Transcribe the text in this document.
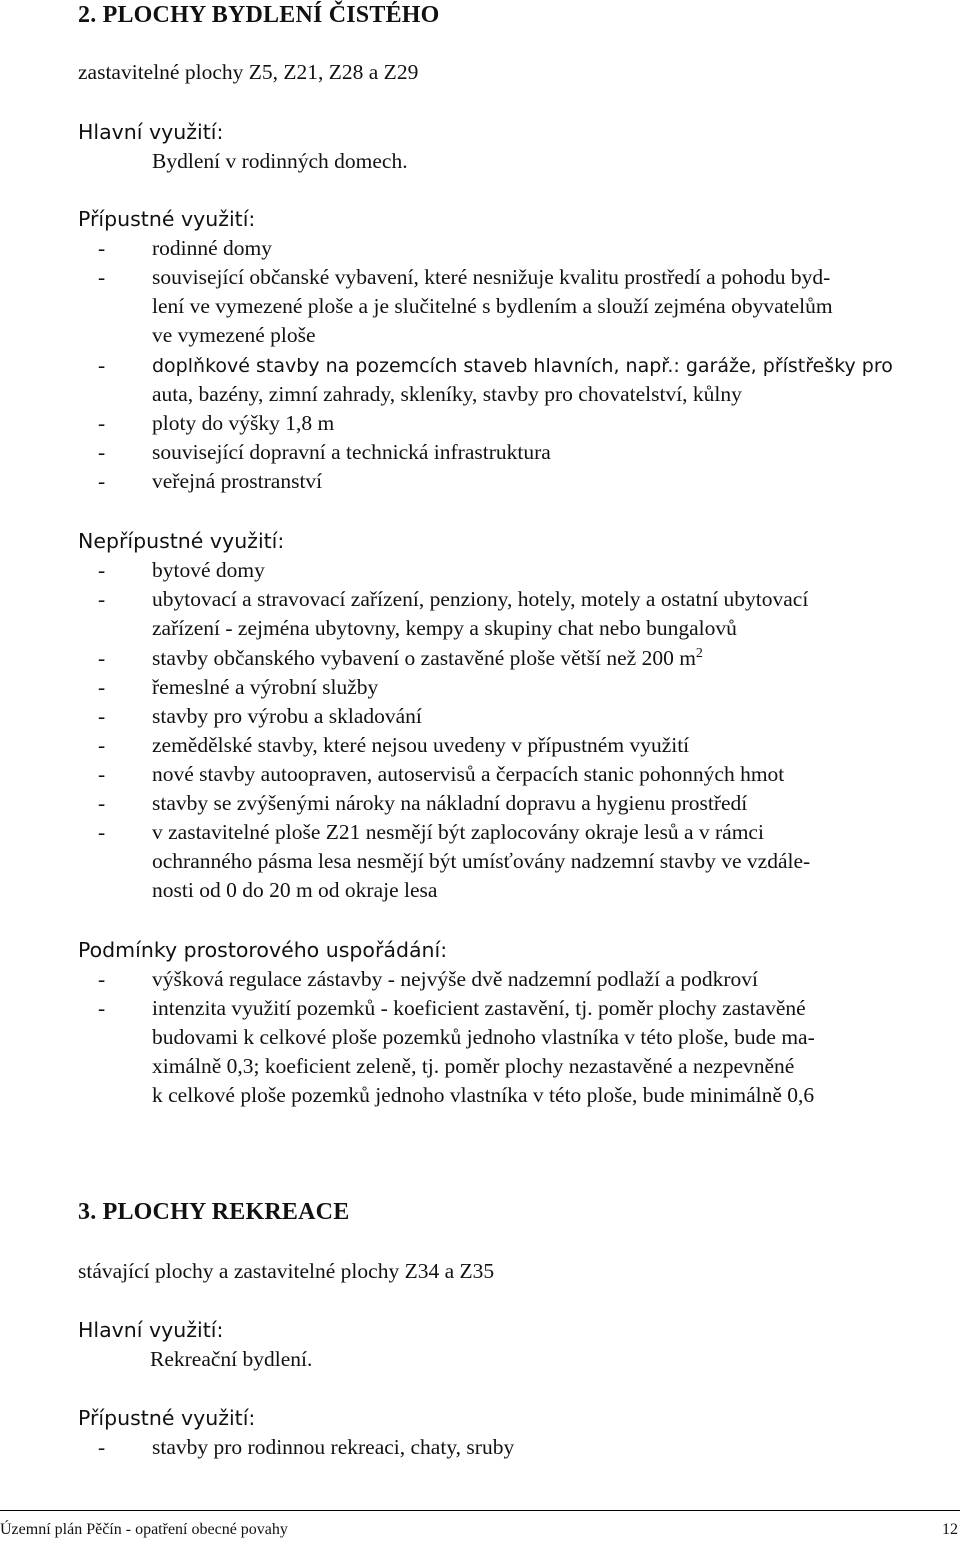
2. PLOCHY BYDLENÍ ČISTÉHO
zastavitelné plochy Z5, Z21, Z28 a Z29
Hlavní využití:
Bydlení v rodinných domech.
Přípustné využití:
- rodinné domy
- související občanské vybavení, které nesnižuje kvalitu prostředí a pohodu byd-
lení ve vymezené ploše a je slučitelné s bydlením a slouží zejména obyvatelům
ve vymezené ploše
- doplňkové stavby na pozemcích staveb hlavních, např.: garáže, přístřešky pro
auta, bazény, zimní zahrady, skleníky, stavby pro chovatelství, kůlny
- ploty do výšky 1,8 m
- související dopravní a technická infrastruktura
- veřejná prostranství
Nepřípustné využití:
- bytové domy
- ubytovací a stravovací zařízení, penziony, hotely, motely a ostatní ubytovací
zařízení - zejména ubytovny, kempy a skupiny chat nebo bungalovů
- stavby občanského vybavení o zastavěné ploše větší než 200 $m^2$
- řemeslné a výrobní služby
- stavby pro výrobu a skladování
- zemědělské stavby, které nejsou uvedeny v přípustném využití
- nové stavby autoopraven, autoservisů a čerpacích stanic pohonných hmot
- stavby se zvýšenými nároky na nákladní dopravu a hygienu prostředí
- v zastavitelné ploše Z21 nesmějí být zaplocovány okraje lesů a v rámci
ochranného pásma lesa nesmějí být umísťovány nadzemní stavby ve vzdále-
nosti od 0 do 20 m od okraje lesa
Podmínky prostorového uspořádání:
- výšková regulace zástavby - nejvýše dvě nadzemní podlaží a podkroví
- intenzita využití pozemků - koeficient zastavění, tj. poměr plochy zastavěné
budovami k celkové ploše pozemků jednoho vlastníka v této ploše, bude ma-
ximálně 0,3; koeficient zeleně, tj. poměr plochy nezastavěné a nezpevněné
k celkové ploše pozemků jednoho vlastníka v této ploše, bude minimálně 0,6
3. PLOCHY REKREACE
stávající plochy a zastavitelné plochy Z34 a Z35
Hlavní využití:
Rekreační bydlení.
Přípustné využití:
- stavby pro rodinnou rekreaci, chaty, sruby
Územní plán Pěčín - opatření obecné povahy	12
